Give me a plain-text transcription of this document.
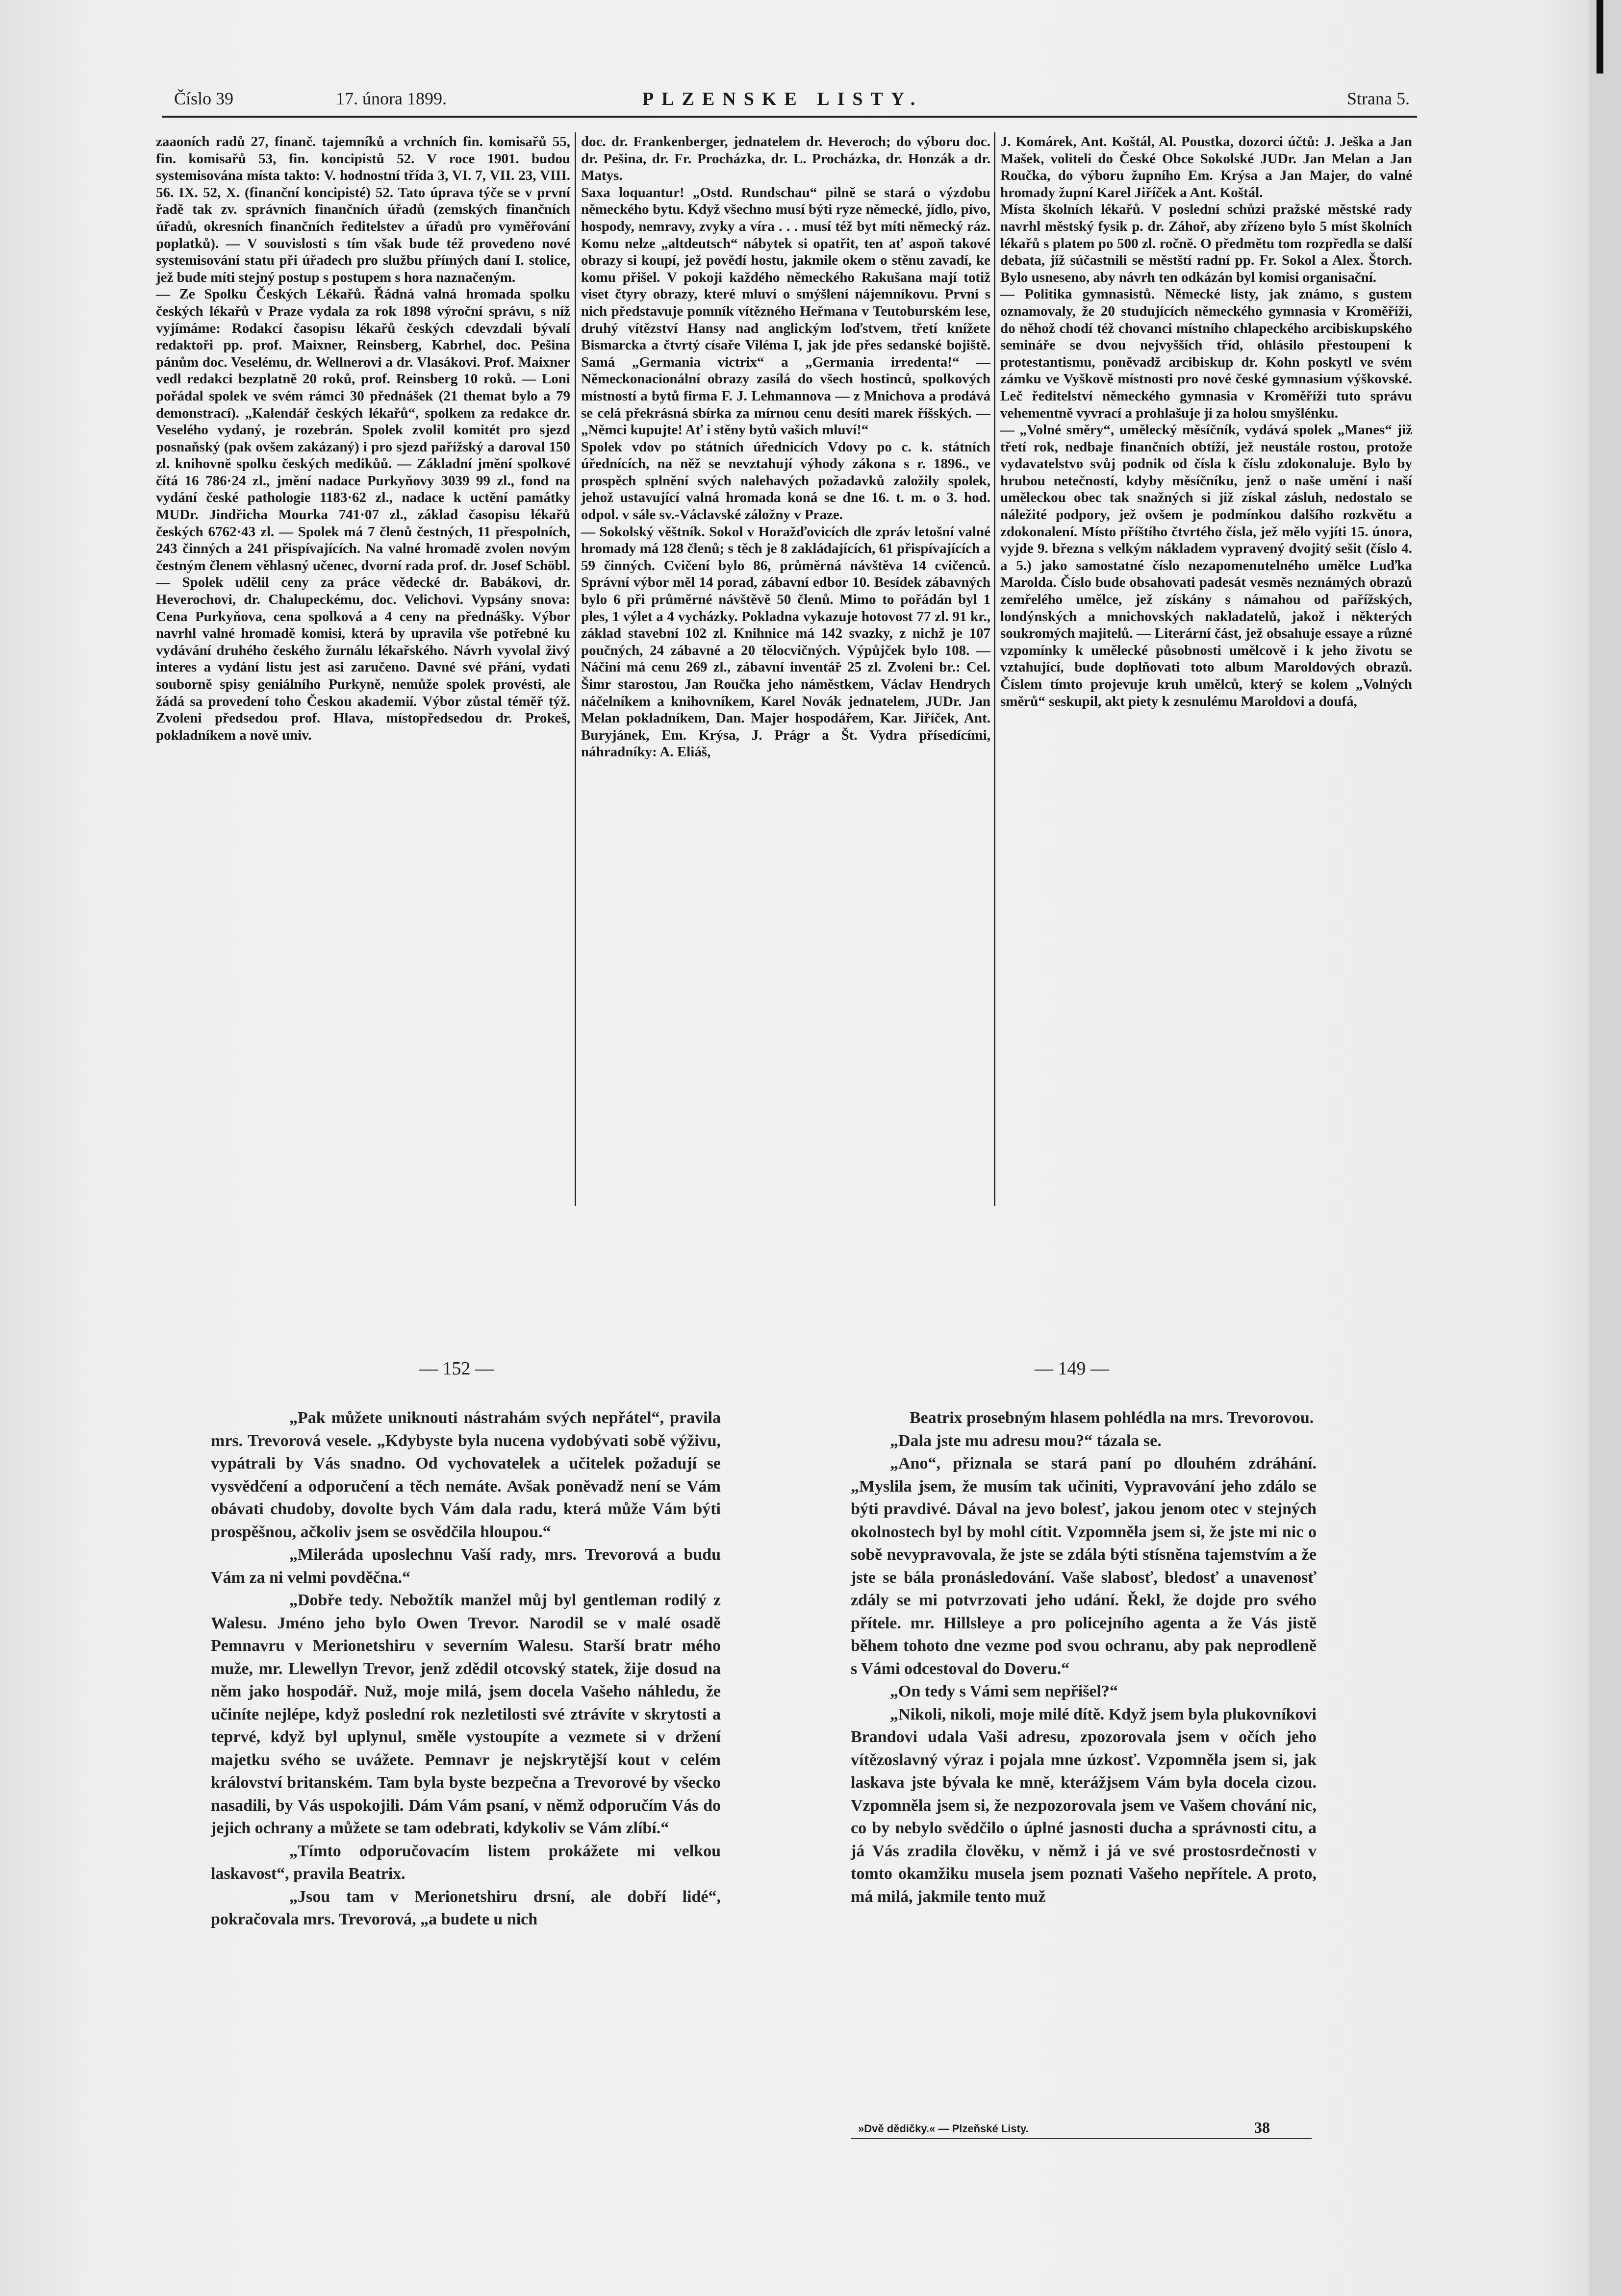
Číslo 39	17. února 1899.	PLZENSKE LISTY.	Strana 5.

zaaoních radů 27, finanč. tajemníků a vrchních fin. komisařů 55, fin. komisařů 53, fin. koncipistů 52. V roce 1901. budou systemisována místa takto: V. hodnostní třída 3, VI. 7, VII. 23, VIII. 56. IX. 52, X. (finanční koncipisté) 52. Tato úprava týče se v první řadě tak zv. správních finančních úřadů (zemských finančních úřadů, okresních finančních ředitelstev a úřadů pro vyměřování poplatků). — V souvislosti s tím však bude též provedeno nové systemisování statu při úřadech pro službu přímých daní I. stolice, jež bude míti stejný postup s postupem s hora naznačeným.

— Ze Spolku Českých Lékařů. Řádná valná hromada spolku českých lékařů v Praze vydala za rok 1898 výroční správu, s níž vyjímáme: Rodakcí časopisu lékařů českých cdevzdali bývalí redaktoři pp. prof. Maixner, Reinsberg, Kabrhel, doc. Pešina pánům doc. Veselému, dr. Wellnerovi a dr. Vlasákovi. Prof. Maixner vedl redakci bezplatně 20 roků, prof. Reinsberg 10 roků. — Loni pořádal spolek ve svém rámci 30 přednášek (21 themat bylo a 79 demonstrací). „Kalendář českých lékařů“, spolkem za redakce dr. Veselého vydaný, je rozebrán. Spolek zvolil komitét pro sjezd posnaňský (pak ovšem zakázaný) i pro sjezd pařížský a daroval 150 zl. knihovně spolku českých medikůů. — Základní jmění spolkové čítá 16 786·24 zl., jmění nadace Purkyňovy 3039 99 zl., fond na vydání české pathologie 1183·62 zl., nadace k uctění památky MUDr. Jindřicha Mourka 741·07 zl., základ časopisu lékařů českých 6762·43 zl. — Spolek má 7 členů čestných, 11 přespolních, 243 činných a 241 přispívajících. Na valné hromadě zvolen novým čestným členem věhlasný učenec, dvorní rada prof. dr. Josef Schöbl. — Spolek udělil ceny za práce vědecké dr. Babákovi, dr. Heverochovi, dr. Chalupeckému, doc. Velichovi. Vypsány snova: Cena Purkyňova, cena spolková a 4 ceny na přednášky. Výbor navrhl valné hromadě komisi, která by upravila vše potřebné ku vydávání druhého českého žurnálu lékařského. Návrh vyvolal živý interes a vydání listu jest asi zaručeno. Davné své přání, vydati souborně spisy geniálního Purkyně, nemůže spolek provésti, ale žádá sa provedení toho Českou akademií. Výbor zůstal téměř týž. Zvoleni předsedou prof. Hlava, místopředsedou dr. Prokeš, pokladníkem a nově univ.

doc. dr. Frankenberger, jednatelem dr. Heveroch; do výboru doc. dr. Pešina, dr. Fr. Procházka, dr. L. Procházka, dr. Honzák a dr. Matys.

Saxa loquantur! „Ostd. Rundschau“ pilně se stará o výzdobu německého bytu. Když všechno musí býti ryze německé, jídlo, pivo, hospody, nemravy, zvyky a víra . . . musí též byt míti německý ráz. Komu nelze „altdeutsch“ nábytek si opatřit, ten ať aspoň takové obrazy si koupí, jež povědí hostu, jakmile okem o stěnu zavadí, ke komu přišel. V pokoji každého německého Rakušana mají totiž viset čtyry obrazy, které mluví o smýšlení nájemníkovu. První s nich představuje pomník vítězného Heřmana v Teutoburském lese, druhý vítězství Hansy nad anglickým loďstvem, třetí knížete Bismarcka a čtvrtý císaře Viléma I, jak jde přes sedanské bojiště. Samá „Germania victrix“ a „Germania irredenta!“ — Německonacionální obrazy zasílá do všech hostinců, spolkových místností a bytů firma F. J. Lehmannova — z Mnichova a prodává se celá překrásná sbírka za mírnou cenu desíti marek říšských. — „Němci kupujte! Ať i stěny bytů vašich mluví!“

Spolek vdov po státních úřednicích Vdovy po c. k. státních úřednících, na něž se nevztahují výhody zákona s r. 1896., ve prospěch splnění svých nalehavých požadavků založily spolek, jehož ustavující valná hromada koná se dne 16. t. m. o 3. hod. odpol. v sále sv.-Václavské záložny v Praze.

— Sokolský věštník. Sokol v Horažďovicích dle zpráv letošní valné hromady má 128 členů; s těch je 8 zakládajících, 61 přispívajících a 59 činných. Cvičení bylo 86, průměrná návštěva 14 cvičenců. Správní výbor měl 14 porad, zábavní edbor 10. Besídek zábavných bylo 6 při průměrné návštěvě 50 členů. Mimo to pořádán byl 1 ples, 1 výlet a 4 vycházky. Pokladna vykazuje hotovost 77 zl. 91 kr., základ stavební 102 zl. Knihnice má 142 svazky, z nichž je 107 poučných, 24 zábavné a 20 tělocvičných. Výpůjček bylo 108. — Náčiní má cenu 269 zl., zábavní inventář 25 zl. Zvoleni br.: Cel. Šimr starostou, Jan Roučka jeho náměstkem, Václav Hendrych náčelníkem a knihovníkem, Karel Novák jednatelem, JUDr. Jan Melan pokladníkem, Dan. Majer hospodářem, Kar. Jiříček, Ant. Buryjánek, Em. Krýsa, J. Prágr a Št. Vydra přísedícími, náhradníky: A. Eliáš,

J. Komárek, Ant. Koštál, Al. Poustka, dozorci účtů: J. Ješka a Jan Mašek, voliteli do České Obce Sokolské JUDr. Jan Melan a Jan Roučka, do výboru župního Em. Krýsa a Jan Majer, do valné hromady župní Karel Jiříček a Ant. Koštál.

Místa školních lékařů. V poslední schůzi pražské městské rady navrhl městský fysik p. dr. Záhoř, aby zřízeno bylo 5 míst školních lékařů s platem po 500 zl. ročně. O předmětu tom rozpředla se další debata, jíž súčastnili se městští radní pp. Fr. Sokol a Alex. Štorch. Bylo usneseno, aby návrh ten odkázán byl komisi organisační.

— Politika gymnasistů. Německé listy, jak známo, s gustem oznamovaly, že 20 studujících německého gymnasia v Kroměříži, do něhož chodí též chovanci místního chlapeckého arcibiskupského semináře se dvou nejvyšších tříd, ohlásilo přestoupení k protestantismu, poněvadž arcibiskup dr. Kohn poskytl ve svém zámku ve Vyškově místnosti pro nové české gymnasium výškovské. Leč ředitelství německého gymnasia v Kroměříži tuto správu vehementně vyvrací a prohlašuje ji za holou smyšlénku.

— „Volné směry“, umělecký měsíčník, vydává spolek „Manes“ již třetí rok, nedbaje finančních obtíží, jež neustále rostou, protože vydavatelstvo svůj podnik od čísla k číslu zdokonaluje. Bylo by hrubou netečností, kdyby měsíčníku, jenž o naše umění i naší uměleckou obec tak snažných si již získal zásluh, nedostalo se náležité podpory, jež ovšem je podmínkou dalšího rozkvětu a zdokonalení. Místo příštího čtvrtého čísla, jež mělo vyjíti 15. února, vyjde 9. března s velkým nákladem vypravený dvojitý sešit (číslo 4. a 5.) jako samostatné číslo nezapomenutelného umělce Luďka Marolda. Číslo bude obsahovati padesát vesměs neznámých obrazů zemřelého umělce, jež získány s námahou od pařížských, londýnských a mnichovských nakladatelů, jakož i některých soukromých majitelů. — Literární část, jež obsahuje essaye a různé vzpomínky k umělecké působnosti umělcově i k jeho životu se vztahující, bude doplňovati toto album Maroldových obrazů. Číslem tímto projevuje kruh umělců, který se kolem „Volných směrů“ seskupil, akt piety k zesnulému Maroldovi a doufá,

— 152 —	— 149 —

„Pak můžete uniknouti nástrahám svých nepřátel“, pravila mrs. Trevorová vesele. „Kdybyste byla nucena vydobývati sobě výživu, vypátrali by Vás snadno. Od vychovatelek a učitelek požadují se vysvědčení a odporučení a těch nemáte. Avšak poněvadž není se Vám obávati chudoby, dovolte bych Vám dala radu, která může Vám býti prospěšnou, ačkoliv jsem se osvědčila hloupou.“

„Mileráda uposlechnu Vaší rady, mrs. Trevorová a budu Vám za ni velmi povděčna.“

„Dobře tedy. Nebožtík manžel můj byl gentleman rodilý z Walesu. Jméno jeho bylo Owen Trevor. Narodil se v malé osadě Pemnavru v Merionetshiru v severním Walesu. Starší bratr mého muže, mr. Llewellyn Trevor, jenž zdědil otcovský statek, žije dosud na něm jako hospodář. Nuž, moje milá, jsem docela Vašeho náhledu, že učiníte nejlépe, když poslední rok nezletilosti své ztrávíte v skrytosti a teprvé, když byl uplynul, směle vystoupíte a vezmete si v držení majetku svého se uvážete. Pemnavr je nejskrytější kout v celém království britanském. Tam byla byste bezpečna a Trevorové by všecko nasadili, by Vás uspokojili. Dám Vám psaní, v němž odporučím Vás do jejich ochrany a můžete se tam odebrati, kdykoliv se Vám zlíbí.“

„Tímto odporučovacím listem prokážete mi velkou laskavost“, pravila Beatrix.

„Jsou tam v Merionetshiru drsní, ale dobří lidé“, pokračovala mrs. Trevorová, „a budete u nich

Beatrix prosebným hlasem pohlédla na mrs. Trevorovou.

„Dala jste mu adresu mou?“ tázala se.

„Ano“, přiznala se stará paní po dlouhém zdráhání. „Myslila jsem, že musím tak učiniti, Vypravování jeho zdálo se býti pravdivé. Dával na jevo bolesť, jakou jenom otec v stejných okolnostech byl by mohl cítit. Vzpomněla jsem si, že jste mi nic o sobě nevypravovala, že jste se zdála býti stísněna tajemstvím a že jste se bála pronásledování. Vaše slabosť, bledosť a unavenosť zdály se mi potvrzovati jeho udání. Řekl, že dojde pro svého přítele. mr. Hillsleye a pro policejního agenta a že Vás jistě během tohoto dne vezme pod svou ochranu, aby pak neprodleně s Vámi odcestoval do Doveru.“

„On tedy s Vámi sem nepřišel?“

„Nikoli, nikoli, moje milé dítě. Když jsem byla plukovníkovi Brandovi udala Vaši adresu, zpozorovala jsem v očích jeho vítězoslavný výraz i pojala mne úzkosť. Vzpomněla jsem si, jak laskava jste bývala ke mně, kterážjsem Vám byla docela cizou. Vzpomněla jsem si, že nezpozorovala jsem ve Vašem chování nic, co by nebylo svědčilo o úplné jasnosti ducha a správnosti citu, a já Vás zradila člověku, v němž i já ve své prostosrdečnosti v tomto okamžiku musela jsem poznati Vašeho nepřítele. A proto, má milá, jakmile tento muž

»Dvě dědičky.« — Plzeňské Listy.	38
